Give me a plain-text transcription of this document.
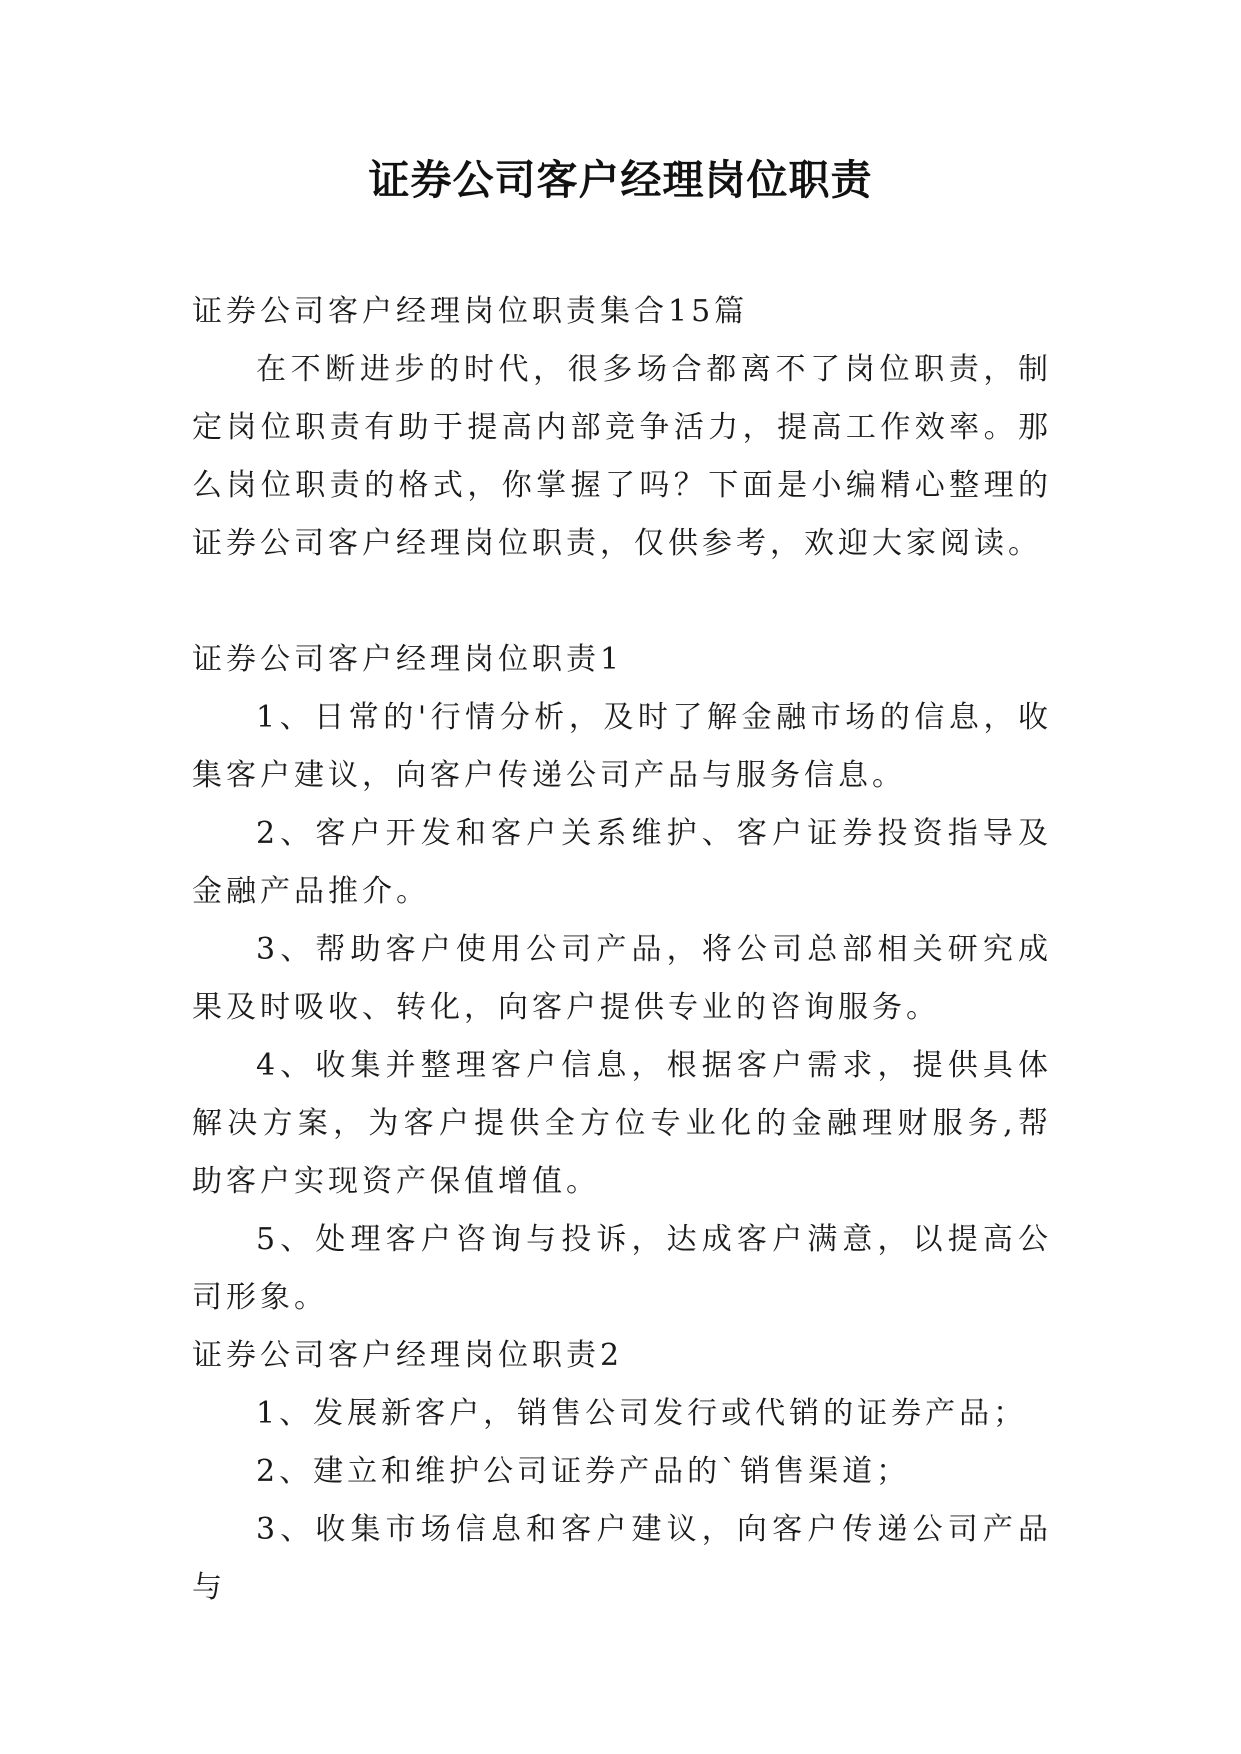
证券公司客户经理岗位职责

证券公司客户经理岗位职责集合15篇

在不断进步的时代，很多场合都离不了岗位职责，制定岗位职责有助于提高内部竞争活力，提高工作效率。那么岗位职责的格式，你掌握了吗？下面是小编精心整理的证券公司客户经理岗位职责，仅供参考，欢迎大家阅读。

证券公司客户经理岗位职责1

1、日常的'行情分析，及时了解金融市场的信息，收集客户建议，向客户传递公司产品与服务信息。

2、客户开发和客户关系维护、客户证券投资指导及金融产品推介。

3、帮助客户使用公司产品，将公司总部相关研究成果及时吸收、转化，向客户提供专业的咨询服务。

4、收集并整理客户信息，根据客户需求，提供具体解决方案，为客户提供全方位专业化的金融理财服务,帮助客户实现资产保值增值。

5、处理客户咨询与投诉，达成客户满意，以提高公司形象。

证券公司客户经理岗位职责2

1、发展新客户，销售公司发行或代销的证券产品；

2、建立和维护公司证券产品的`销售渠道；

3、收集市场信息和客户建议，向客户传递公司产品与
